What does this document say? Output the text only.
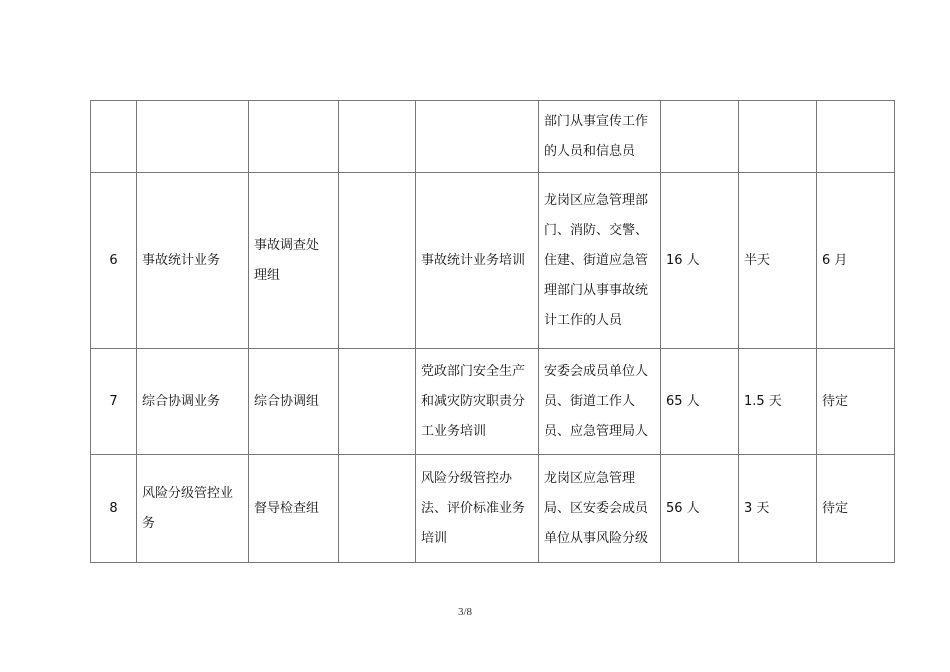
					部门从事宣传工作
的人员和信息员			

6	事故统计业务	事故调查处
理组		事故统计业务培训	龙岗区应急管理部
门、消防、交警、
住建、街道应急管
理部门从事事故统
计工作的人员	16 人	半天	6 月
7	综合协调业务	综合协调组		党政部门安全生产
和减灾防灾职责分
工业务培训	安委会成员单位人
员、街道工作人
员、应急管理局人	65 人	1.5 天	待定
8	风险分级管控业
务	督导检查组		风险分级管控办
法、评价标准业务
培训	龙岗区应急管理
局、区安委会成员
单位从事风险分级	56 人	3 天	待定
3/8
